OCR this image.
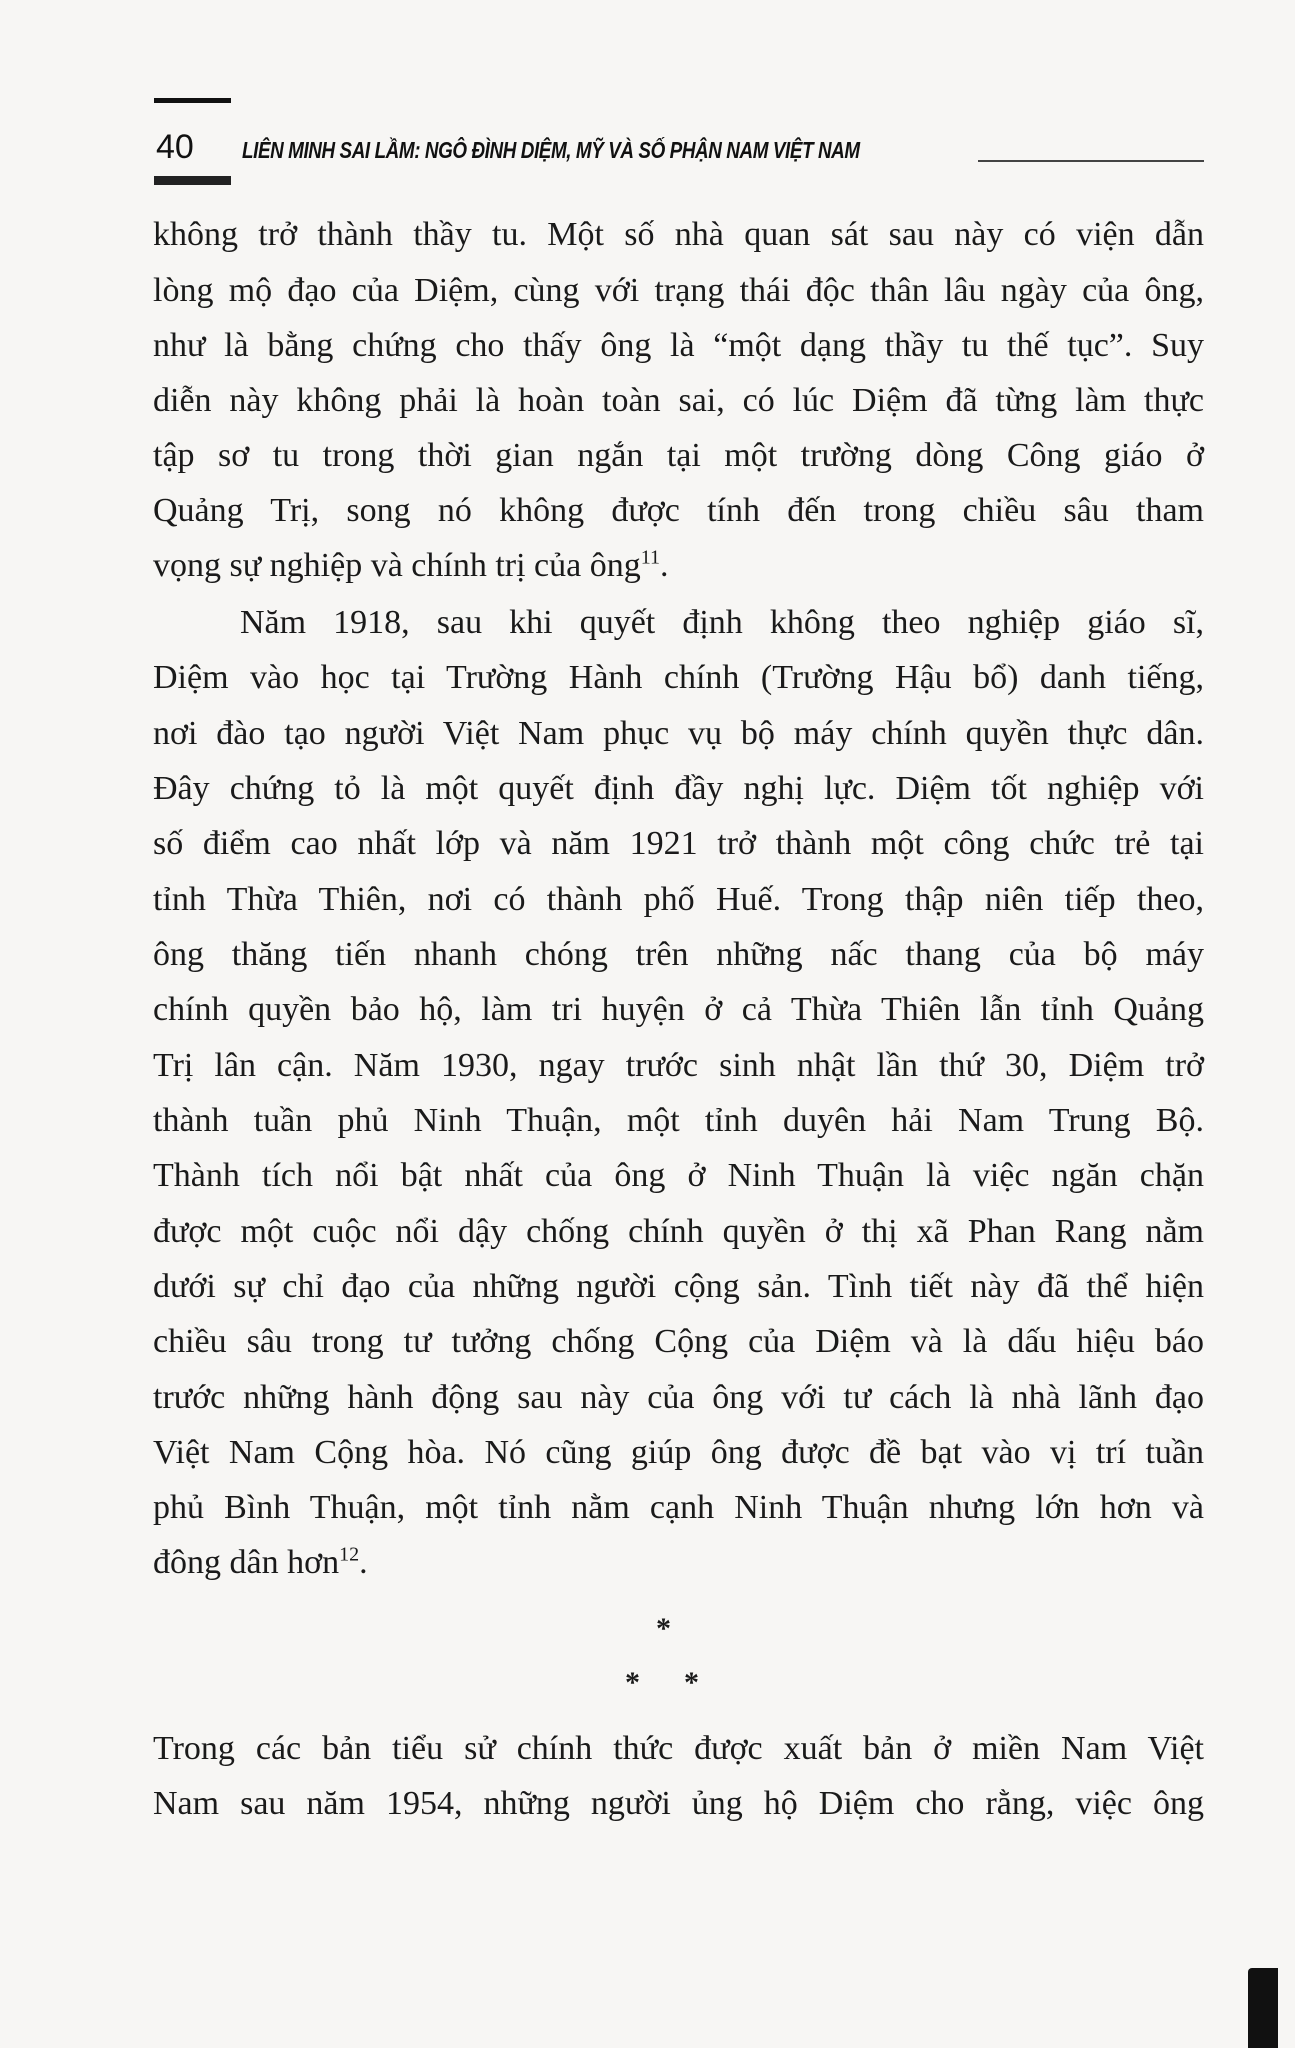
40 LIÊN MINH SAI LẦM: NGÔ ĐÌNH DIỆM, MỸ VÀ SỐ PHẬN NAM VIỆT NAM
không trở thành thầy tu. Một số nhà quan sát sau này có viện dẫn
lòng mộ đạo của Diệm, cùng với trạng thái độc thân lâu ngày của ông,
như là bằng chứng cho thấy ông là “một dạng thầy tu thế tục”. Suy
diễn này không phải là hoàn toàn sai, có lúc Diệm đã từng làm thực
tập sơ tu trong thời gian ngắn tại một trường dòng Công giáo ở
Quảng Trị, song nó không được tính đến trong chiều sâu tham
vọng sự nghiệp và chính trị của ông$^{11}$.
Năm 1918, sau khi quyết định không theo nghiệp giáo sĩ,
Diệm vào học tại Trường Hành chính (Trường Hậu bổ) danh tiếng,
nơi đào tạo người Việt Nam phục vụ bộ máy chính quyền thực dân.
Đây chứng tỏ là một quyết định đầy nghị lực. Diệm tốt nghiệp với
số điểm cao nhất lớp và năm 1921 trở thành một công chức trẻ tại
tỉnh Thừa Thiên, nơi có thành phố Huế. Trong thập niên tiếp theo,
ông thăng tiến nhanh chóng trên những nấc thang của bộ máy
chính quyền bảo hộ, làm tri huyện ở cả Thừa Thiên lẫn tỉnh Quảng
Trị lân cận. Năm 1930, ngay trước sinh nhật lần thứ 30, Diệm trở
thành tuần phủ Ninh Thuận, một tỉnh duyên hải Nam Trung Bộ.
Thành tích nổi bật nhất của ông ở Ninh Thuận là việc ngăn chặn
được một cuộc nổi dậy chống chính quyền ở thị xã Phan Rang nằm
dưới sự chỉ đạo của những người cộng sản. Tình tiết này đã thể hiện
chiều sâu trong tư tưởng chống Cộng của Diệm và là dấu hiệu báo
trước những hành động sau này của ông với tư cách là nhà lãnh đạo
Việt Nam Cộng hòa. Nó cũng giúp ông được đề bạt vào vị trí tuần
phủ Bình Thuận, một tỉnh nằm cạnh Ninh Thuận nhưng lớn hơn và
đông dân hơn$^{12}$.
*
* *
Trong các bản tiểu sử chính thức được xuất bản ở miền Nam Việt
Nam sau năm 1954, những người ủng hộ Diệm cho rằng, việc ông
